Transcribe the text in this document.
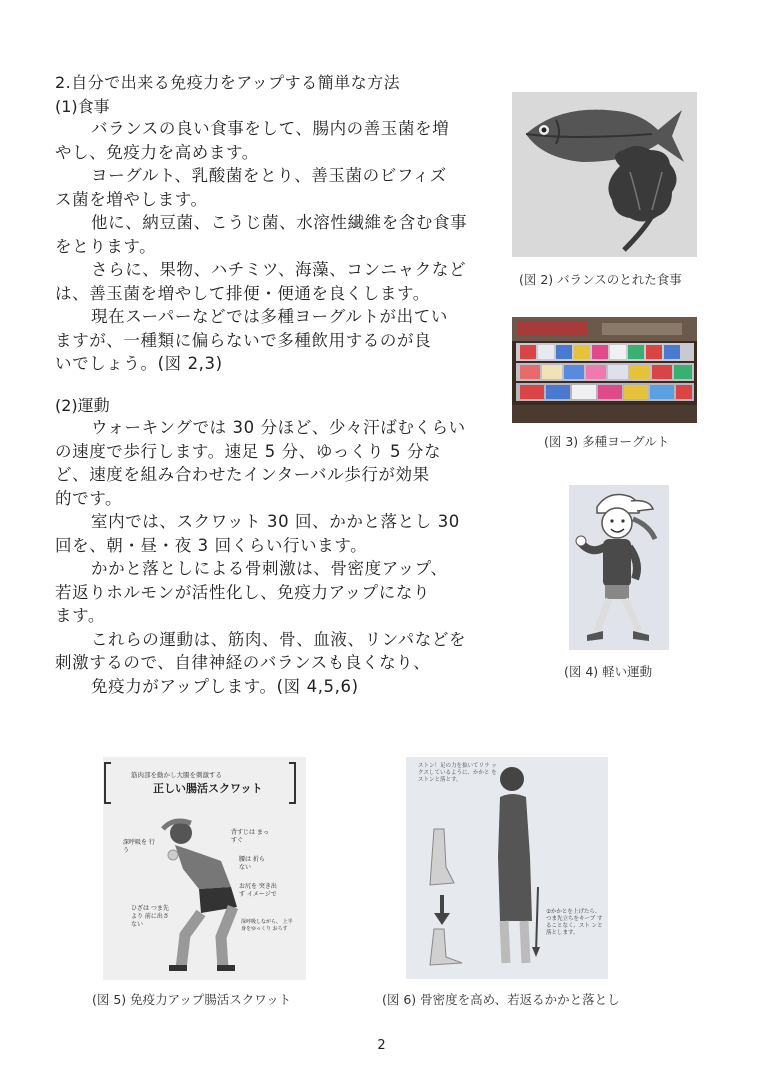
2.自分で出来る免疫力をアップする簡単な方法
(1)食事

バランスの良い食事をして、腸内の善玉菌を増

やし、免疫力を高めます。

ヨーグルト、乳酸菌をとり、善玉菌のビフィズ

ス菌を増やします。

他に、納豆菌、こうじ菌、水溶性繊維を含む食事

をとります。

さらに、果物、ハチミツ、海藻、コンニャクなど

は、善玉菌を増やして排便・便通を良くします。

現在スーパーなどでは多種ヨーグルトが出てい

ますが、一種類に偏らないで多種飲用するのが良

いでしょう。(図 2,3)

(2)運動

ウォーキングでは 30 分ほど、少々汗ばむくらい

の速度で歩行します。速足 5 分、ゆっくり 5 分な

ど、速度を組み合わせたインターバル歩行が効果

的です。

室内では、スクワット 30 回、かかと落とし 30

回を、朝・昼・夜 3 回くらい行います。

かかと落としによる骨刺激は、骨密度アップ、

若返りホルモンが活性化し、免疫力アップになり

ます。

これらの運動は、筋肉、骨、血液、リンパなどを

刺激するので、自律神経のバランスも良くなり、

免疫力がアップします。(図 4,5,6)

(図 2) バランスのとれた食事
(図 3) 多種ヨーグルト
(図 4) 軽い運動
筋肉部を動かし大腸を刺激する
正しい腸活スクワット
背すじは まっすぐ
深呼吸を 行う
腰は 折らない
お尻を 突き出す イメージで
ひざは つま先より 前に出さない	深呼吸しながら、 上半身をゆっくり おろす
(図 5) 免疫力アップ腸活スクワット
ストン！足の力を抜いてリラ ックスしているように、かかと をストンと落とす。
②かかとを上げたら、 つま先立ちをキープ することなく、スト ンと落とします。
(図 6) 骨密度を高め、若返るかかと落とし
2
